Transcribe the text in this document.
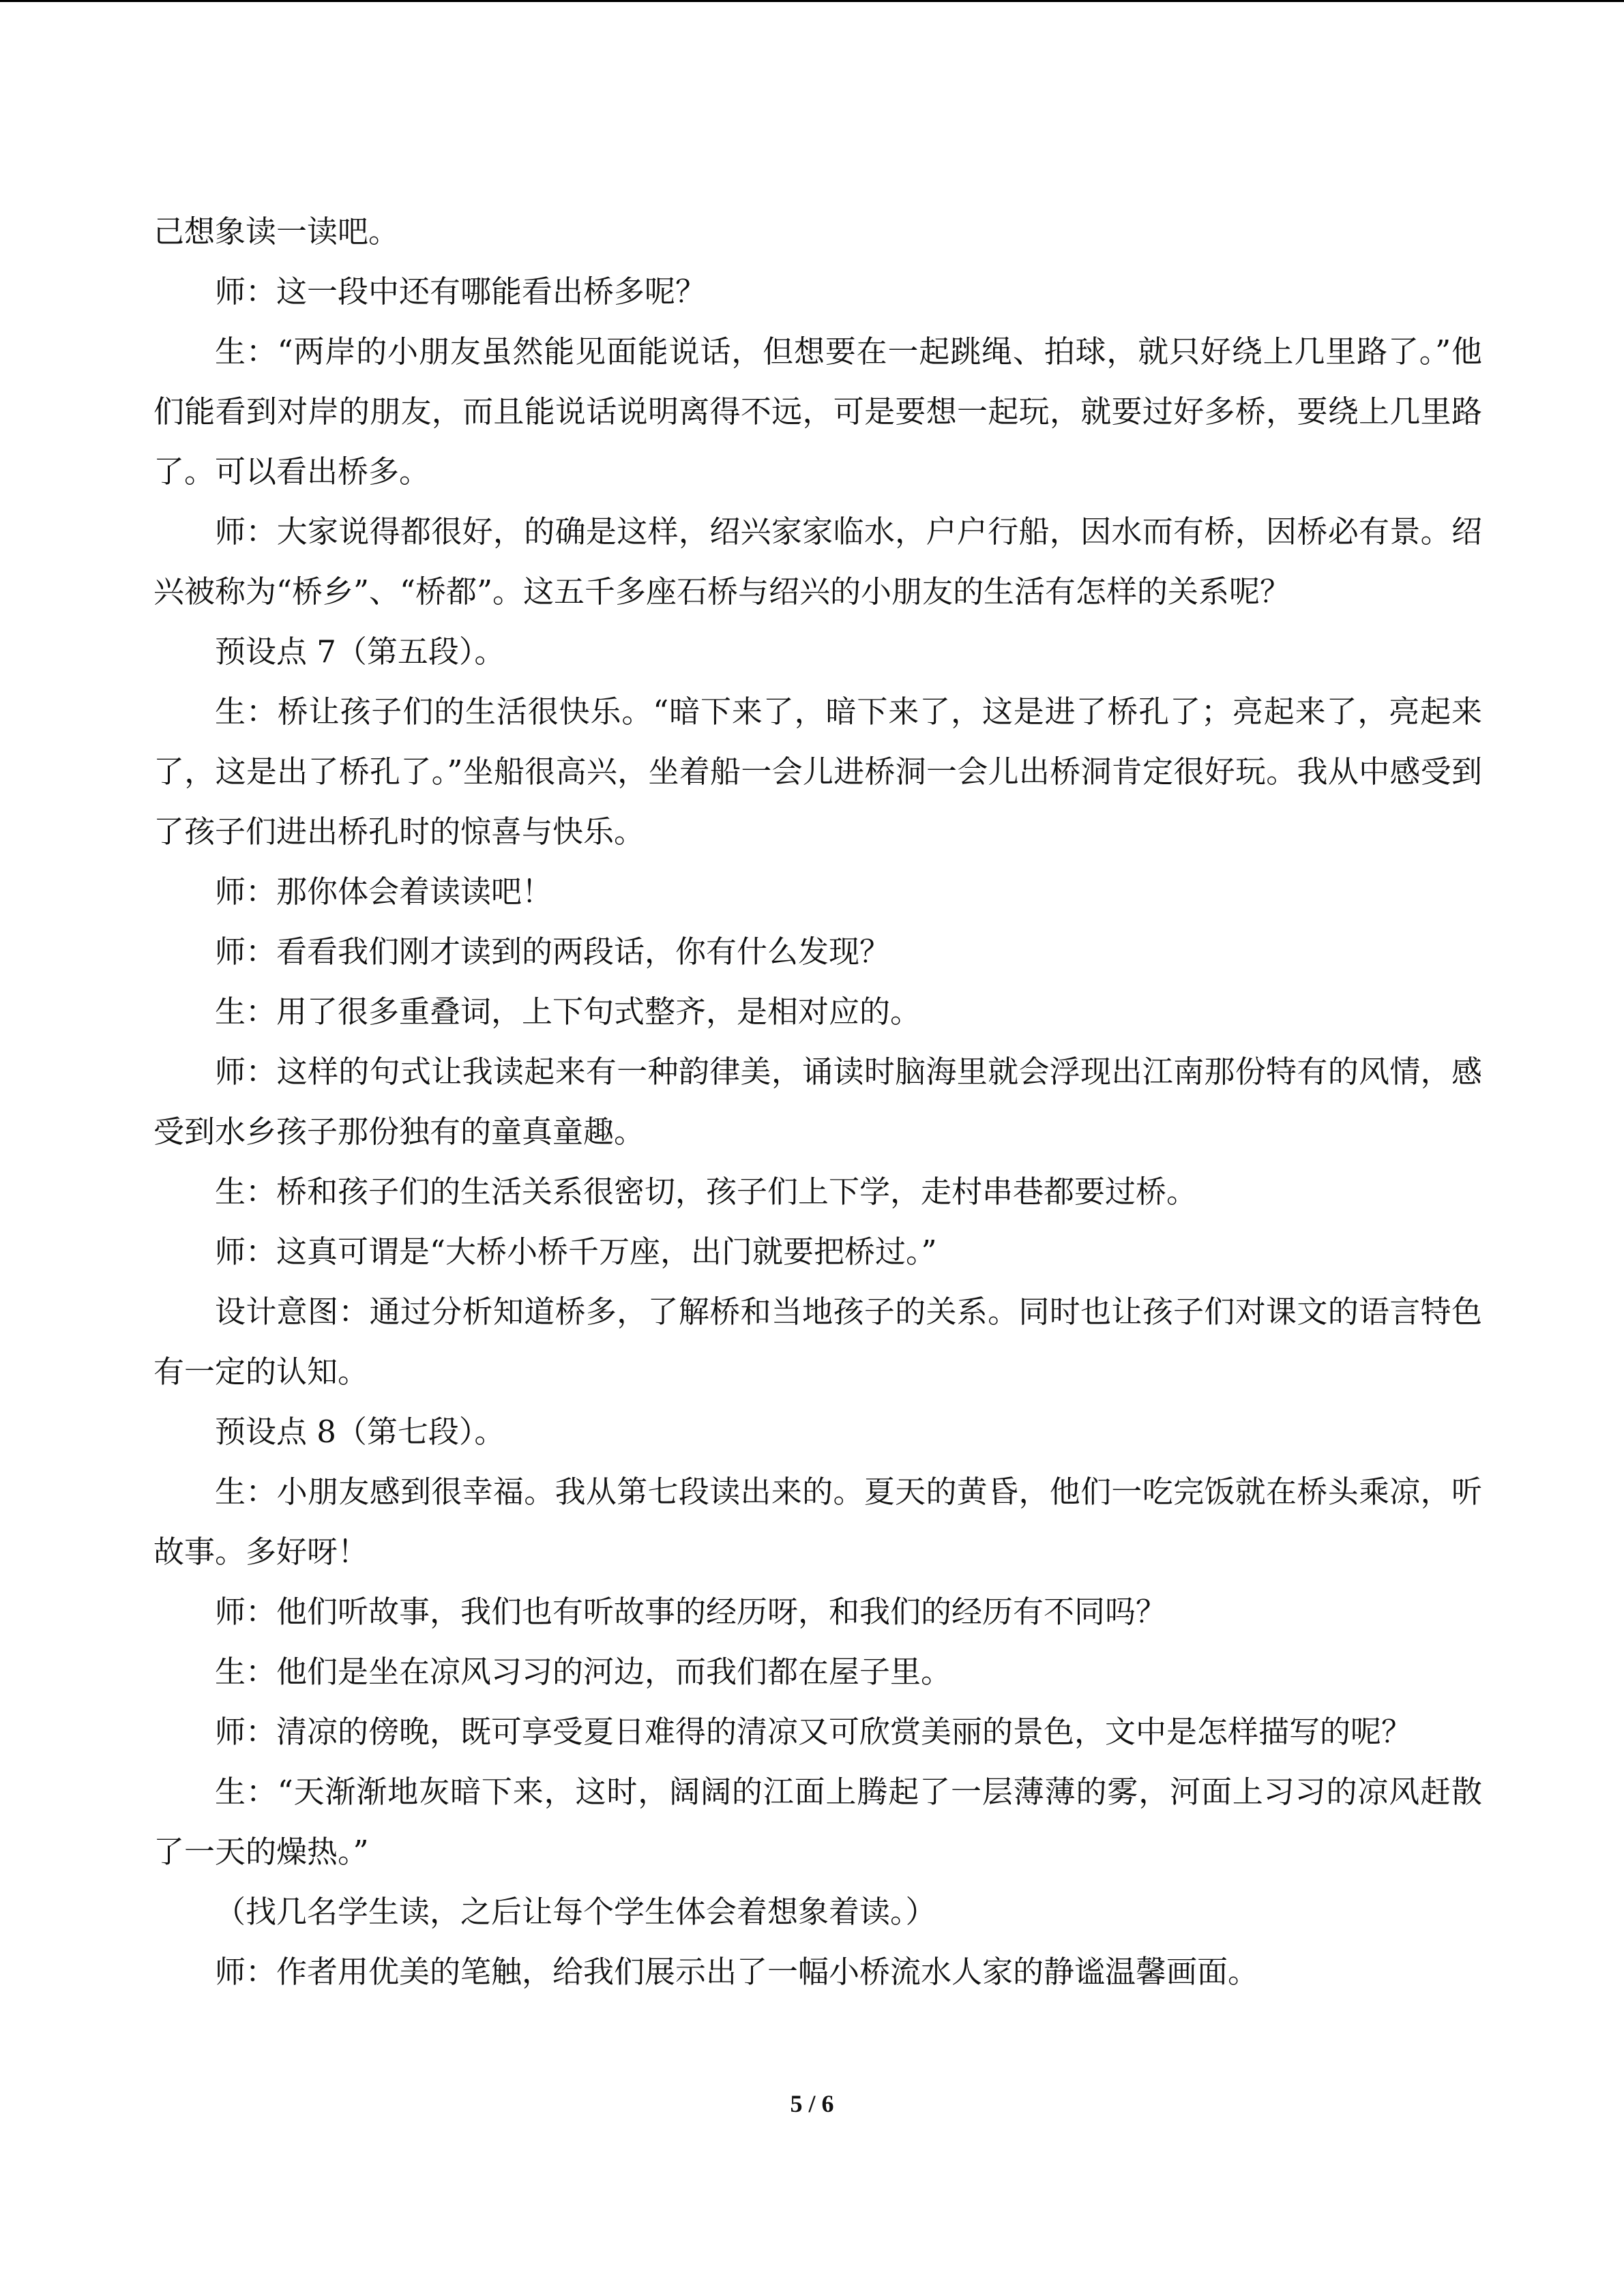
己想象读一读吧。

师：这一段中还有哪能看出桥多呢？

生：“两岸的小朋友虽然能见面能说话，但想要在一起跳绳、拍球，就只好绕上几里路了。”他们能看到对岸的朋友，而且能说话说明离得不远，可是要想一起玩，就要过好多桥，要绕上几里路了。可以看出桥多。

师：大家说得都很好，的确是这样，绍兴家家临水，户户行船，因水而有桥，因桥必有景。绍兴被称为“桥乡”、“桥都”。这五千多座石桥与绍兴的小朋友的生活有怎样的关系呢？

预设点 7（第五段）。

生：桥让孩子们的生活很快乐。“暗下来了，暗下来了，这是进了桥孔了；亮起来了，亮起来了，这是出了桥孔了。”坐船很高兴，坐着船一会儿进桥洞一会儿出桥洞肯定很好玩。我从中感受到了孩子们进出桥孔时的惊喜与快乐。

师：那你体会着读读吧！

师：看看我们刚才读到的两段话，你有什么发现？

生：用了很多重叠词，上下句式整齐，是相对应的。

师：这样的句式让我读起来有一种韵律美，诵读时脑海里就会浮现出江南那份特有的风情，感受到水乡孩子那份独有的童真童趣。

生：桥和孩子们的生活关系很密切，孩子们上下学，走村串巷都要过桥。

师：这真可谓是“大桥小桥千万座，出门就要把桥过。”

设计意图：通过分析知道桥多，了解桥和当地孩子的关系。同时也让孩子们对课文的语言特色有一定的认知。

预设点 8（第七段）。

生：小朋友感到很幸福。我从第七段读出来的。夏天的黄昏，他们一吃完饭就在桥头乘凉，听故事。多好呀！

师：他们听故事，我们也有听故事的经历呀，和我们的经历有不同吗？

生：他们是坐在凉风习习的河边，而我们都在屋子里。

师：清凉的傍晚，既可享受夏日难得的清凉又可欣赏美丽的景色，文中是怎样描写的呢？

生：“天渐渐地灰暗下来，这时，阔阔的江面上腾起了一层薄薄的雾，河面上习习的凉风赶散了一天的燥热。”

（找几名学生读，之后让每个学生体会着想象着读。）

师：作者用优美的笔触，给我们展示出了一幅小桥流水人家的静谧温馨画面。

5 / 6
